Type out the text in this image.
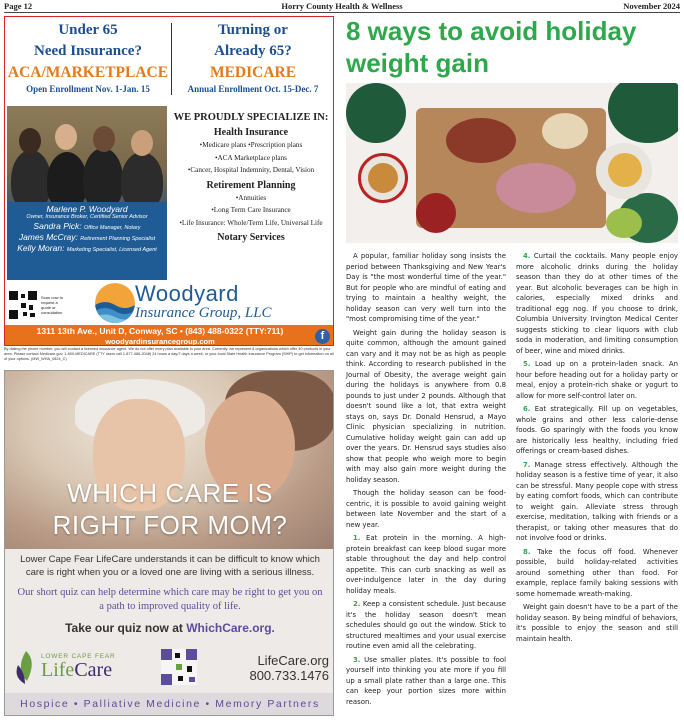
Page 12	Horry County Health & Wellness	November 2024
Under 65
Need Insurance?
ACA/MARKETPLACE
Open Enrollment Nov. 1-Jan. 15
Turning or
Already 65?
MEDICARE
Annual Enrollment Oct. 15-Dec. 7
Marlene P. Woodyard
Owner, Insurance Broker, Certified Senior Advisor
Sandra Pick: Office Manager, Notary
James McCray: Retirement Planning Specialist
Kelly Moran: Marketing Specialist, Licensed Agent
WE PROUDLY SPECIALIZE IN:
Health Insurance
•Medicare plans •Prescription plans
•ACA Marketplace plans
•Cancer, Hospital Indemnity, Dental, Vision
Retirement Planning
•Annuities
•Long Term Care Insurance
•Life Insurance: Whole/Term Life, Universal Life
Notary Services
Scan now to request a quote or consultation
Woodyard
Insurance Group, LLC
1311 13th Ave., Unit D, Conway, SC • (843) 488-0322 (TTY:711)
woodyardinsurancegroup.com	f
By dialing the phone number, you will contact a licensed insurance agent. We do not offer every plan available in your area. Currently, we represent 8 organizations which offer 40 products in your area. Please contact Medicare.gov, 1-800-MEDICARE (TTY users call 1-877-486-2048) 24 hours a day/7 days a week, or your local State Health Insurance Program (SHIP) to get information on all of your options. (MW_WHA_0824_C)
WHICH CARE IS
RIGHT FOR MOM?
Lower Cape Fear LifeCare understands it can be difficult to know which care is right when you or a loved one are living with a serious illness.
Our short quiz can help determine which care may be right to get you on a path to improved quality of life.
Take our quiz now at WhichCare.org.
LOWER CAPE FEAR
LifeCare	LifeCare.org
800.733.1476
Hospice • Palliative Medicine • Memory Partners
8 ways to avoid holiday weight gain

A popular, familiar holiday song insists the period between Thanksgiving and New Year's Day is "the most wonderful time of the year." But for people who are mindful of eating and trying to maintain a healthy weight, the holiday season can very well turn into the "most compromising time of the year."

Weight gain during the holiday season is quite common, although the amount gained can vary and it may not be as high as people think. According to research published in the Journal of Obesity, the average weight gain during the holidays is anywhere from 0.8 pounds to just under 2 pounds. Although that doesn't sound like a lot, that extra weight stays on, says Dr. Donald Hensrud, a Mayo Clinic physician specializing in nutrition. Cumulative holiday weight gain can add up over the years. Dr. Hensrud says studies also show that people who weigh more to begin with may also gain more weight during the holiday season.

Though the holiday season can be food-centric, it is possible to avoid gaining weight between late November and the start of a new year.

1. Eat protein in the morning. A high-protein breakfast can keep blood sugar more stable throughout the day and help control appetite. This can curb snacking as well as over-indulgence later in the day during holiday meals.

2. Keep a consistent schedule. Just because it's the holiday season doesn't mean schedules should go out the window. Stick to structured mealtimes and your usual exercise routine even amid all the celebrating.

3. Use smaller plates. It's possible to fool yourself into thinking you ate more if you fill up a small plate rather than a large one. This can keep your portion sizes more within reason.

4. Curtail the cocktails. Many people enjoy more alcoholic drinks during the holiday season than they do at other times of the year. But alcoholic beverages can be high in calories, especially mixed drinks and traditional egg nog. If you choose to drink, Columbia University Irvington Medical Center suggests sticking to clear liquors with club soda in moderation, and limiting consumption of beer, wine and mixed drinks.

5. Load up on a protein-laden snack. An hour before heading out for a holiday party or meal, enjoy a protein-rich shake or yogurt to allow for more self-control later on.

6. Eat strategically. Fill up on vegetables, whole grains and other less calorie-dense foods. Go sparingly with the foods you know are historically less healthy, including fried offerings or cream-based dishes.

7. Manage stress effectively. Although the holiday season is a festive time of year, it also can be stressful. Many people cope with stress by eating comfort foods, which can contribute to weight gain. Alleviate stress through exercise, meditation, talking with friends or a therapist, or taking other measures that do not involve food or drinks.

8. Take the focus off food. Whenever possible, build holiday-related activities around something other than food. For example, replace family baking sessions with some homemade wreath-making.

Weight gain doesn't have to be a part of the holiday season. By being mindful of behaviors, it's possible to enjoy the season and still maintain health.
